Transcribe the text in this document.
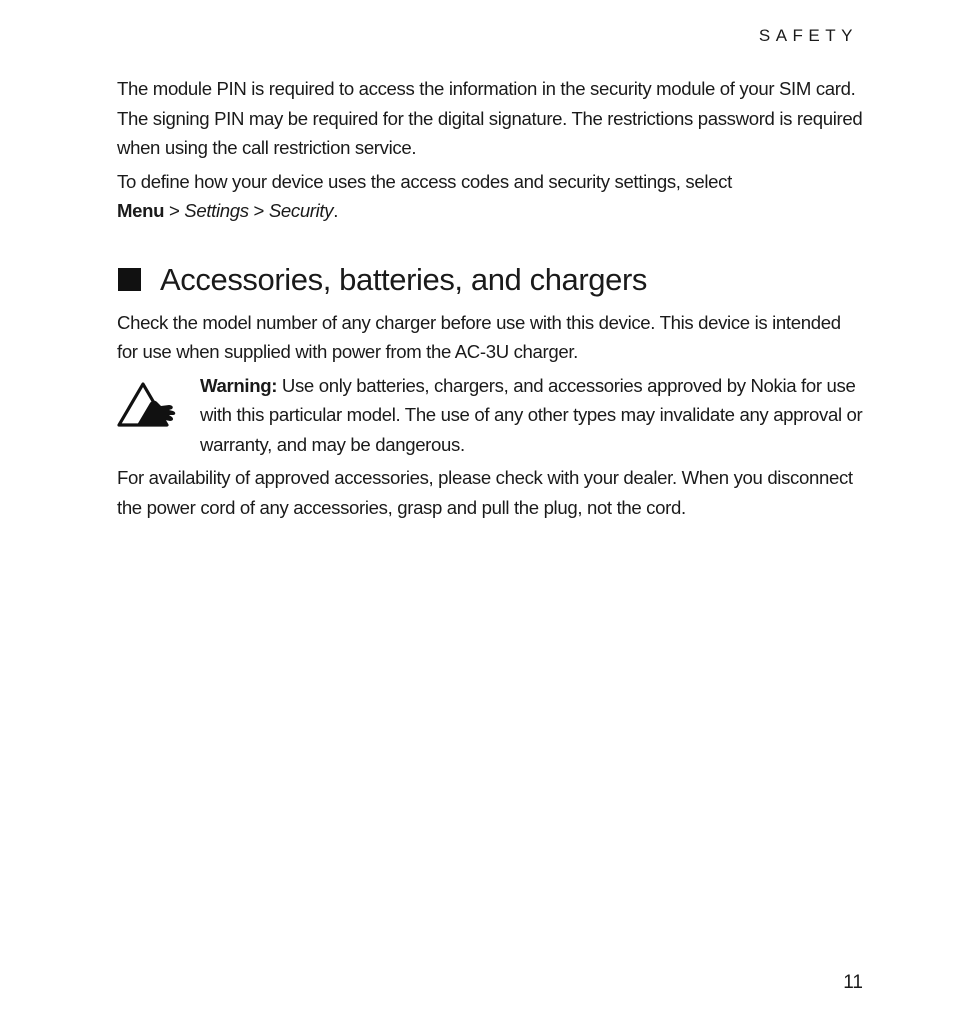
SAFETY

The module PIN is required to access the information in the security module of your SIM card. The signing PIN may be required for the digital signature. The restrictions password is required when using the call restriction service.

To define how your device uses the access codes and security settings, select
Menu > Settings > Security.

Accessories, batteries, and chargers

Check the model number of any charger before use with this device. This device is intended for use when supplied with power from the AC-3U charger.

Warning: Use only batteries, chargers, and accessories approved by Nokia for use with this particular model. The use of any other types may invalidate any approval or warranty, and may be dangerous.

For availability of approved accessories, please check with your dealer. When you disconnect the power cord of any accessories, grasp and pull the plug, not the cord.

11
